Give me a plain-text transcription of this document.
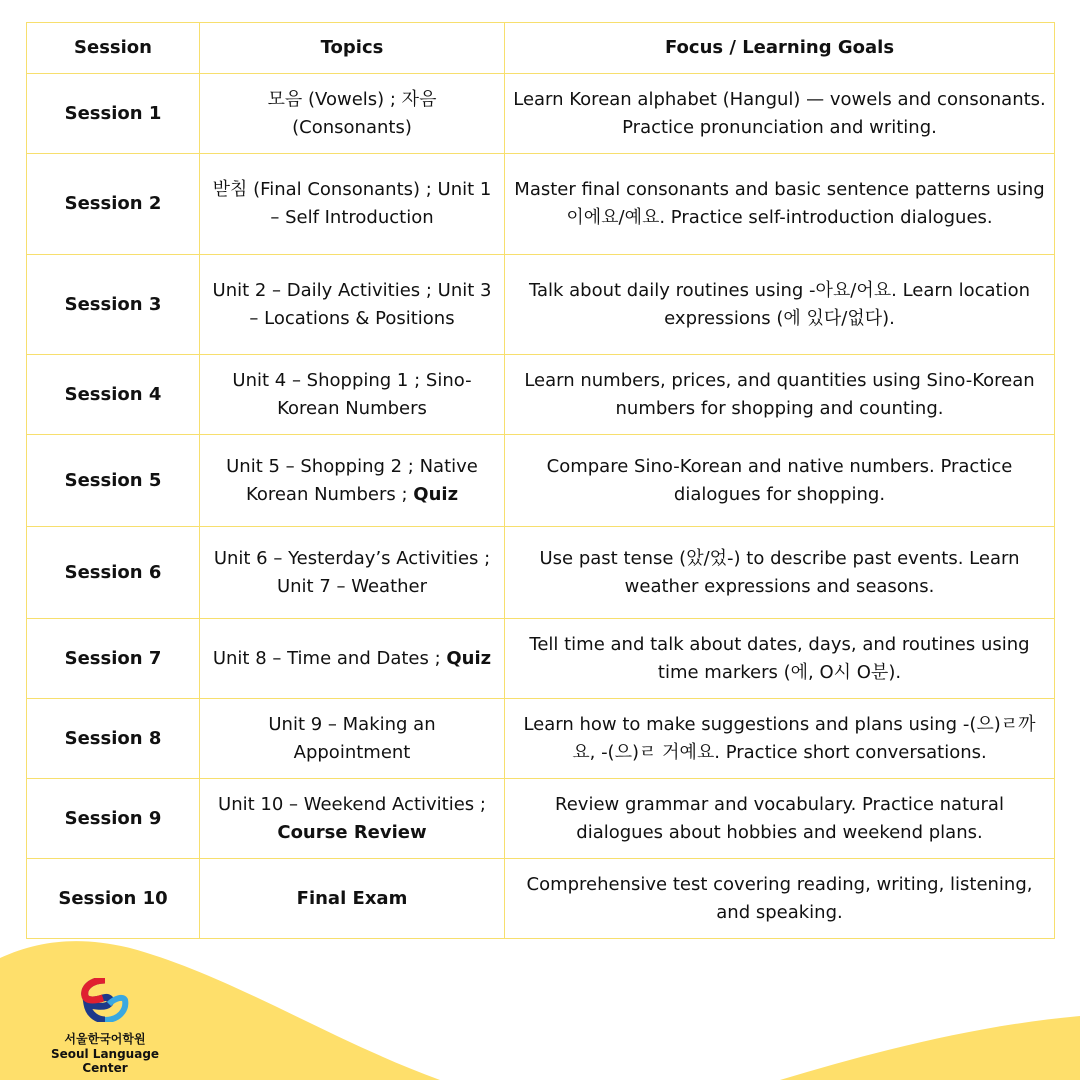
Session	Topics	Focus / Learning Goals
Session 1	모음 (Vowels) ; 자음 (Consonants)	Learn Korean alphabet (Hangul) — vowels and consonants. Practice pronunciation and writing.
Session 2	받침 (Final Consonants) ; Unit 1 – Self Introduction	Master final consonants and basic sentence patterns using 이에요/예요. Practice self-introduction dialogues.
Session 3	Unit 2 – Daily Activities ; Unit 3 – Locations & Positions	Talk about daily routines using -아요/어요. Learn location expressions (에 있다/없다).
Session 4	Unit 4 – Shopping 1 ; Sino-Korean Numbers	Learn numbers, prices, and quantities using Sino-Korean numbers for shopping and counting.
Session 5	Unit 5 – Shopping 2 ; Native Korean Numbers ; Quiz	Compare Sino-Korean and native numbers. Practice dialogues for shopping.
Session 6	Unit 6 – Yesterday’s Activities ; Unit 7 – Weather	Use past tense (았/었-) to describe past events. Learn weather expressions and seasons.
Session 7	Unit 8 – Time and Dates ; Quiz	Tell time and talk about dates, days, and routines using time markers (에, O시 O분).
Session 8	Unit 9 – Making an Appointment	Learn how to make suggestions and plans using -(으)ㄹ까요, -(으)ㄹ 거예요. Practice short conversations.
Session 9	Unit 10 – Weekend Activities ; Course Review	Review grammar and vocabulary. Practice natural dialogues about hobbies and weekend plans.
Session 10	Final Exam	Comprehensive test covering reading, writing, listening, and speaking.
서울한국어학원
Seoul Language Center
